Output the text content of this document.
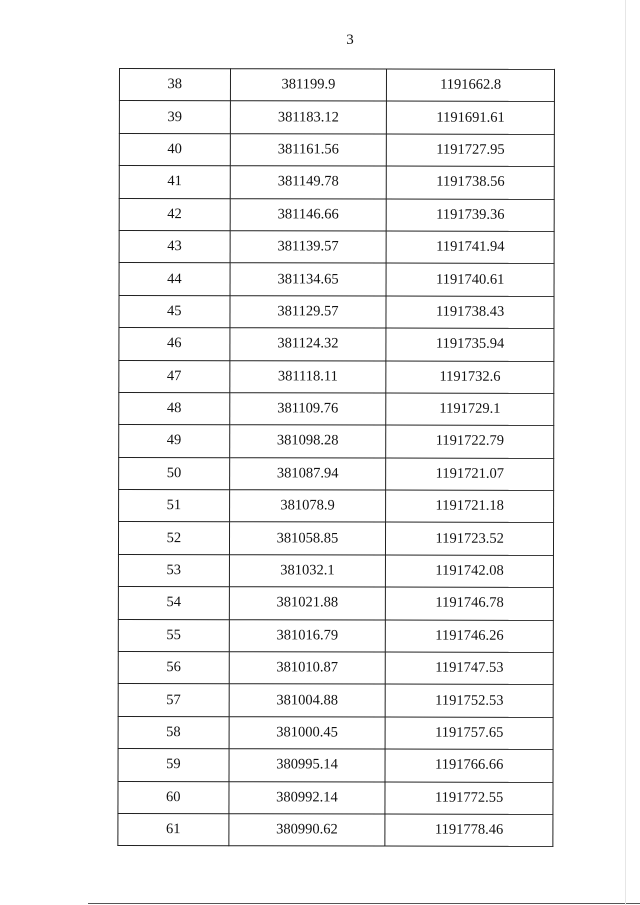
3
38	381199.9	1191662.8
39	381183.12	1191691.61
40	381161.56	1191727.95
41	381149.78	1191738.56
42	381146.66	1191739.36
43	381139.57	1191741.94
44	381134.65	1191740.61
45	381129.57	1191738.43
46	381124.32	1191735.94
47	381118.11	1191732.6
48	381109.76	1191729.1
49	381098.28	1191722.79
50	381087.94	1191721.07
51	381078.9	1191721.18
52	381058.85	1191723.52
53	381032.1	1191742.08
54	381021.88	1191746.78
55	381016.79	1191746.26
56	381010.87	1191747.53
57	381004.88	1191752.53
58	381000.45	1191757.65
59	380995.14	1191766.66
60	380992.14	1191772.55
61	380990.62	1191778.46
